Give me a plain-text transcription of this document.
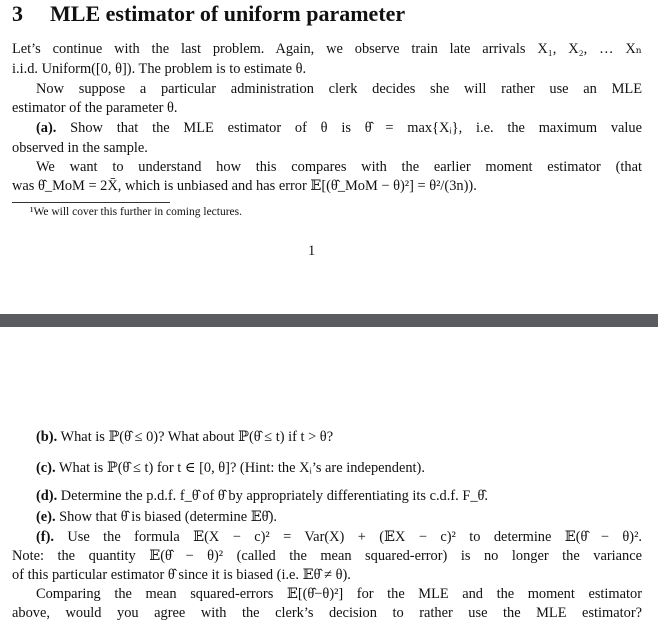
3 MLE estimator of uniform parameter
Let’s continue with the last problem. Again, we observe train late arrivals X₁, X₂, … Xₙ
i.i.d. Uniform([0, θ]). The problem is to estimate θ.
Now suppose a particular administration clerk decides she will rather use an MLE
estimator of the parameter θ.
(a). Show that the MLE estimator of θ is θ̂ = max{Xᵢ}, i.e. the maximum value
observed in the sample.
We want to understand how this compares with the earlier moment estimator (that
was θ̂_MoM = 2X̄, which is unbiased and has error 𝔼[(θ̂_MoM − θ)²] = θ²/(3n)).
¹We will cover this further in coming lectures.
1
(b). What is ℙ(θ̂ ≤ 0)? What about ℙ(θ̂ ≤ t) if t > θ?
(c). What is ℙ(θ̂ ≤ t) for t ∈ [0, θ]? (Hint: the Xᵢ’s are independent).
(d). Determine the p.d.f. f_θ̂ of θ̂ by appropriately differentiating its c.d.f. F_θ̂.
(e). Show that θ̂ is biased (determine 𝔼θ̂).
(f). Use the formula 𝔼(X − c)² = Var(X) + (𝔼X − c)² to determine 𝔼(θ̂ − θ)².
Note: the quantity 𝔼(θ̂ − θ)² (called the mean squared-error) is no longer the variance
of this particular estimator θ̂ since it is biased (i.e. 𝔼θ̂ ≠ θ).
Comparing the mean squared-errors 𝔼[(θ̂−θ)²] for the MLE and the moment estimator
above, would you agree with the clerk’s decision to rather use the MLE estimator?
